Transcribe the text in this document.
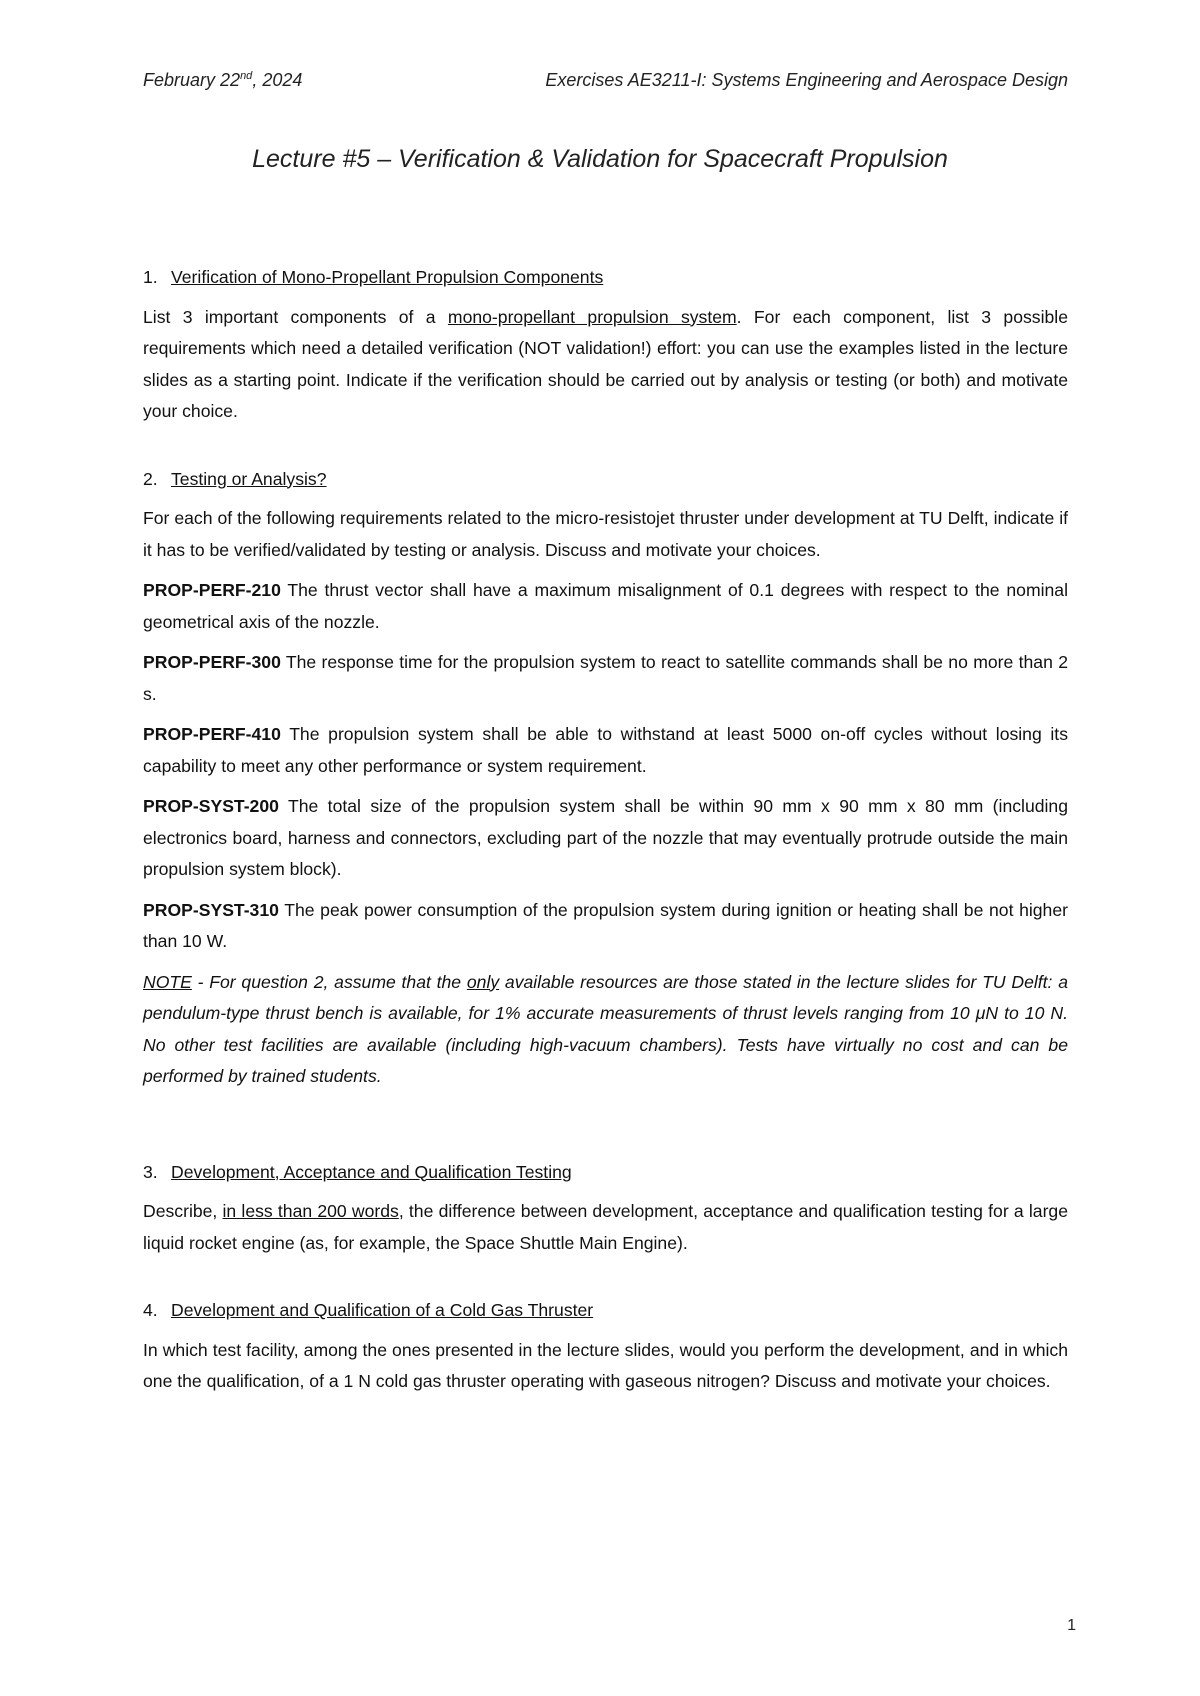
February 22nd, 2024	Exercises AE3211-I: Systems Engineering and Aerospace Design
Lecture #5 – Verification & Validation for Spacecraft Propulsion
1. Verification of Mono-Propellant Propulsion Components

List 3 important components of a mono-propellant propulsion system. For each component, list 3 possible requirements which need a detailed verification (NOT validation!) effort: you can use the examples listed in the lecture slides as a starting point. Indicate if the verification should be carried out by analysis or testing (or both) and motivate your choice.

2. Testing or Analysis?

For each of the following requirements related to the micro-resistojet thruster under development at TU Delft, indicate if it has to be verified/validated by testing or analysis. Discuss and motivate your choices.

PROP-PERF-210 The thrust vector shall have a maximum misalignment of 0.1 degrees with respect to the nominal geometrical axis of the nozzle.

PROP-PERF-300 The response time for the propulsion system to react to satellite commands shall be no more than 2 s.

PROP-PERF-410 The propulsion system shall be able to withstand at least 5000 on-off cycles without losing its capability to meet any other performance or system requirement.

PROP-SYST-200 The total size of the propulsion system shall be within 90 mm x 90 mm x 80 mm (including electronics board, harness and connectors, excluding part of the nozzle that may eventually protrude outside the main propulsion system block).

PROP-SYST-310 The peak power consumption of the propulsion system during ignition or heating shall be not higher than 10 W.

NOTE - For question 2, assume that the only available resources are those stated in the lecture slides for TU Delft: a pendulum-type thrust bench is available, for 1% accurate measurements of thrust levels ranging from 10 μN to 10 N. No other test facilities are available (including high-vacuum chambers). Tests have virtually no cost and can be performed by trained students.

3. Development, Acceptance and Qualification Testing

Describe, in less than 200 words, the difference between development, acceptance and qualification testing for a large liquid rocket engine (as, for example, the Space Shuttle Main Engine).

4. Development and Qualification of a Cold Gas Thruster

In which test facility, among the ones presented in the lecture slides, would you perform the development, and in which one the qualification, of a 1 N cold gas thruster operating with gaseous nitrogen? Discuss and motivate your choices.

1
